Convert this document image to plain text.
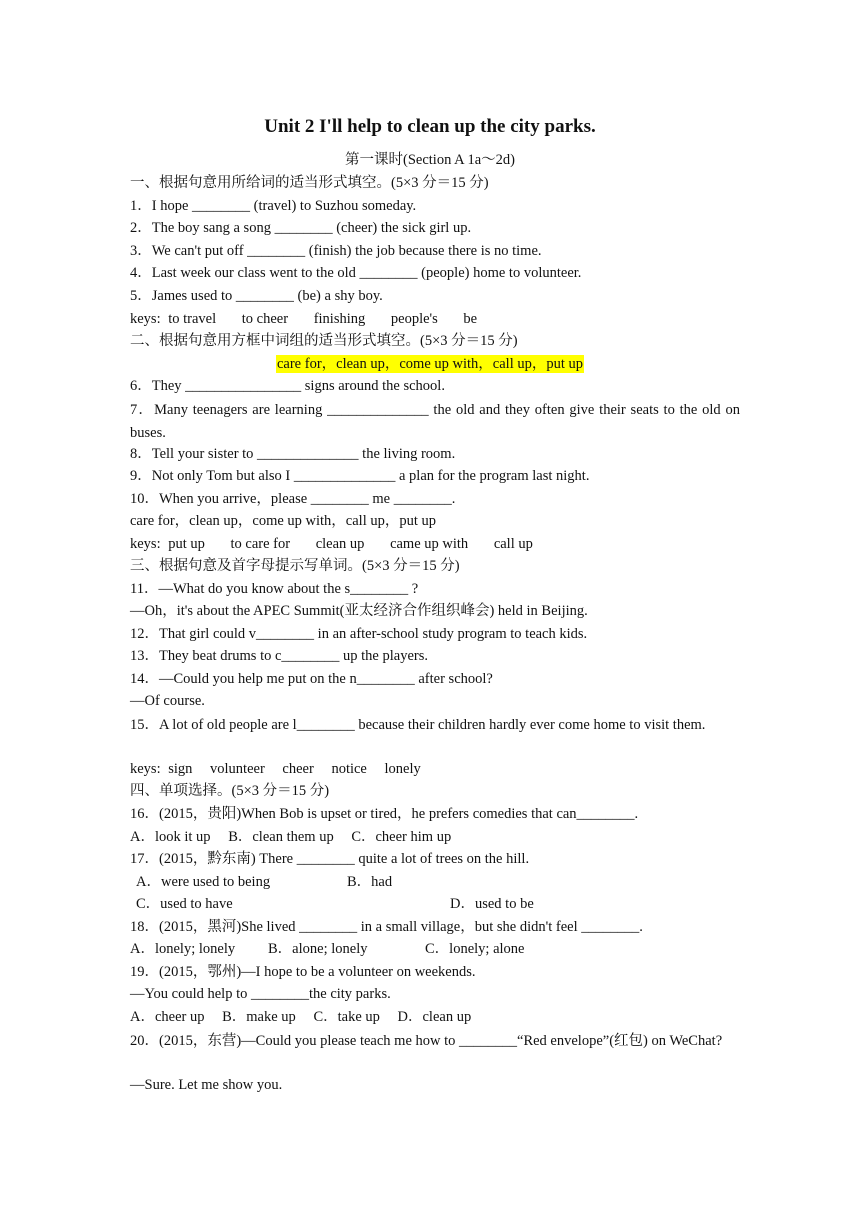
Unit 2 I'll help to clean up the city parks.
第一课时(Section A 1a～2d)
一、根据句意用所给词的适当形式填空。(5×3 分＝15 分)
1．I hope ________ (travel) to Suzhou someday.
2．The boy sang a song ________ (cheer) the sick girl up.
3．We can't put off ________ (finish) the job because there is no time.
4．Last week our class went to the old ________ (people) home to volunteer.
5．James used to ________ (be) a shy boy.
keys: to travel to cheer finishing people's be
二、根据句意用方框中词组的适当形式填空。(5×3 分＝15 分)
care for，clean up，come up with，call up，put up
6．They ________________ signs around the school.
7．Many teenagers are learning ______________ the old and they often give their seats to the old on buses.
8．Tell your sister to ______________ the living room.
9．Not only Tom but also I ______________ a plan for the program last night.
10．When you arrive，please ________ me ________.
care for，clean up，come up with，call up，put up
keys: put up to care for clean up came up with call up
三、根据句意及首字母提示写单词。(5×3 分＝15 分)
11．—What do you know about the s________ ?
—Oh，it's about the APEC Summit(亚太经济合作组织峰会) held in Beijing.
12．That girl could v________ in an after-school study program to teach kids.
13．They beat drums to c________ up the players.
14．—Could you help me put on the n________ after school?
—Of course.
15．A lot of old people are l________ because their children hardly ever come home to visit them.
keys: sign volunteer cheer notice lonely
四、单项选择。(5×3 分＝15 分)
16．(2015，贵阳)When Bob is upset or tired，he prefers comedies that can________.
A．look it up B．clean them up C．cheer him up
17．(2015，黔东南) There ________ quite a lot of trees on the hill.
A．were used to being	B．had
C．used to have	D．used to be
18．(2015，黑河)She lived ________ in a small village，but she didn't feel ________.
A．lonely; lonely B．alone; lonely	C．lonely; alone
19．(2015，鄂州)—I hope to be a volunteer on weekends.
—You could help to ________the city parks.
A．cheer up B．make up C．take up D．clean up
20．(2015，东营)—Could you please teach me how to ________“Red envelope”(红包) on WeChat?
—Sure. Let me show you.
